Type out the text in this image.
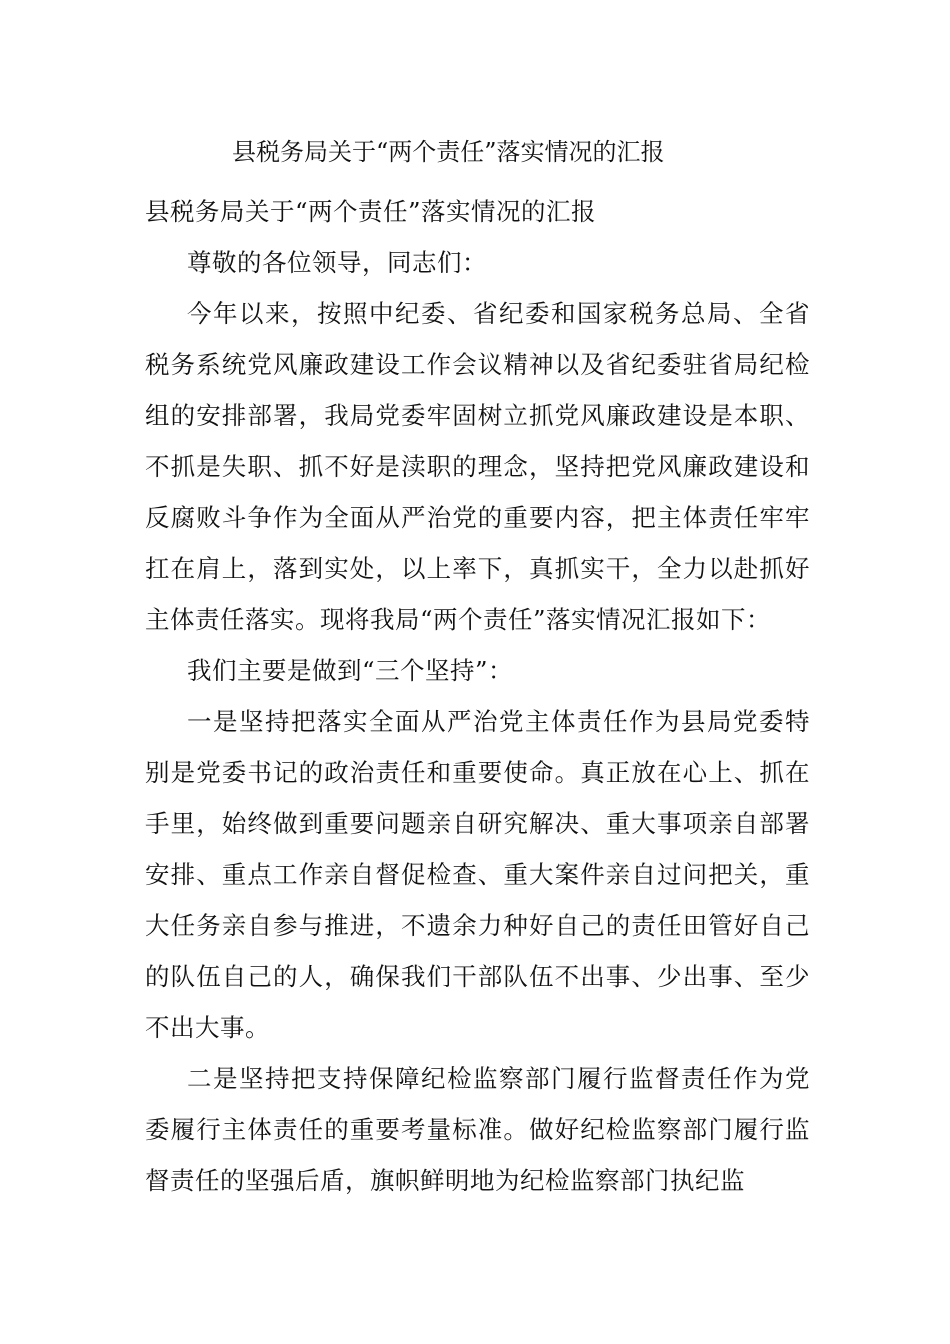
县税务局关于“两个责任”落实情况的汇报

县税务局关于“两个责任”落实情况的汇报

尊敬的各位领导，同志们：

今年以来，按照中纪委、省纪委和国家税务总局、全省税务系统党风廉政建设工作会议精神以及省纪委驻省局纪检组的安排部署，我局党委牢固树立抓党风廉政建设是本职、不抓是失职、抓不好是渎职的理念，坚持把党风廉政建设和反腐败斗争作为全面从严治党的重要内容，把主体责任牢牢扛在肩上，落到实处，以上率下，真抓实干，全力以赴抓好主体责任落实。现将我局“两个责任”落实情况汇报如下：

我们主要是做到“三个坚持”：

一是坚持把落实全面从严治党主体责任作为县局党委特别是党委书记的政治责任和重要使命。真正放在心上、抓在手里，始终做到重要问题亲自研究解决、重大事项亲自部署安排、重点工作亲自督促检查、重大案件亲自过问把关，重大任务亲自参与推进，不遗余力种好自己的责任田管好自己的队伍自己的人，确保我们干部队伍不出事、少出事、至少不出大事。

二是坚持把支持保障纪检监察部门履行监督责任作为党委履行主体责任的重要考量标准。做好纪检监察部门履行监督责任的坚强后盾，旗帜鲜明地为纪检监察部门执纪监
